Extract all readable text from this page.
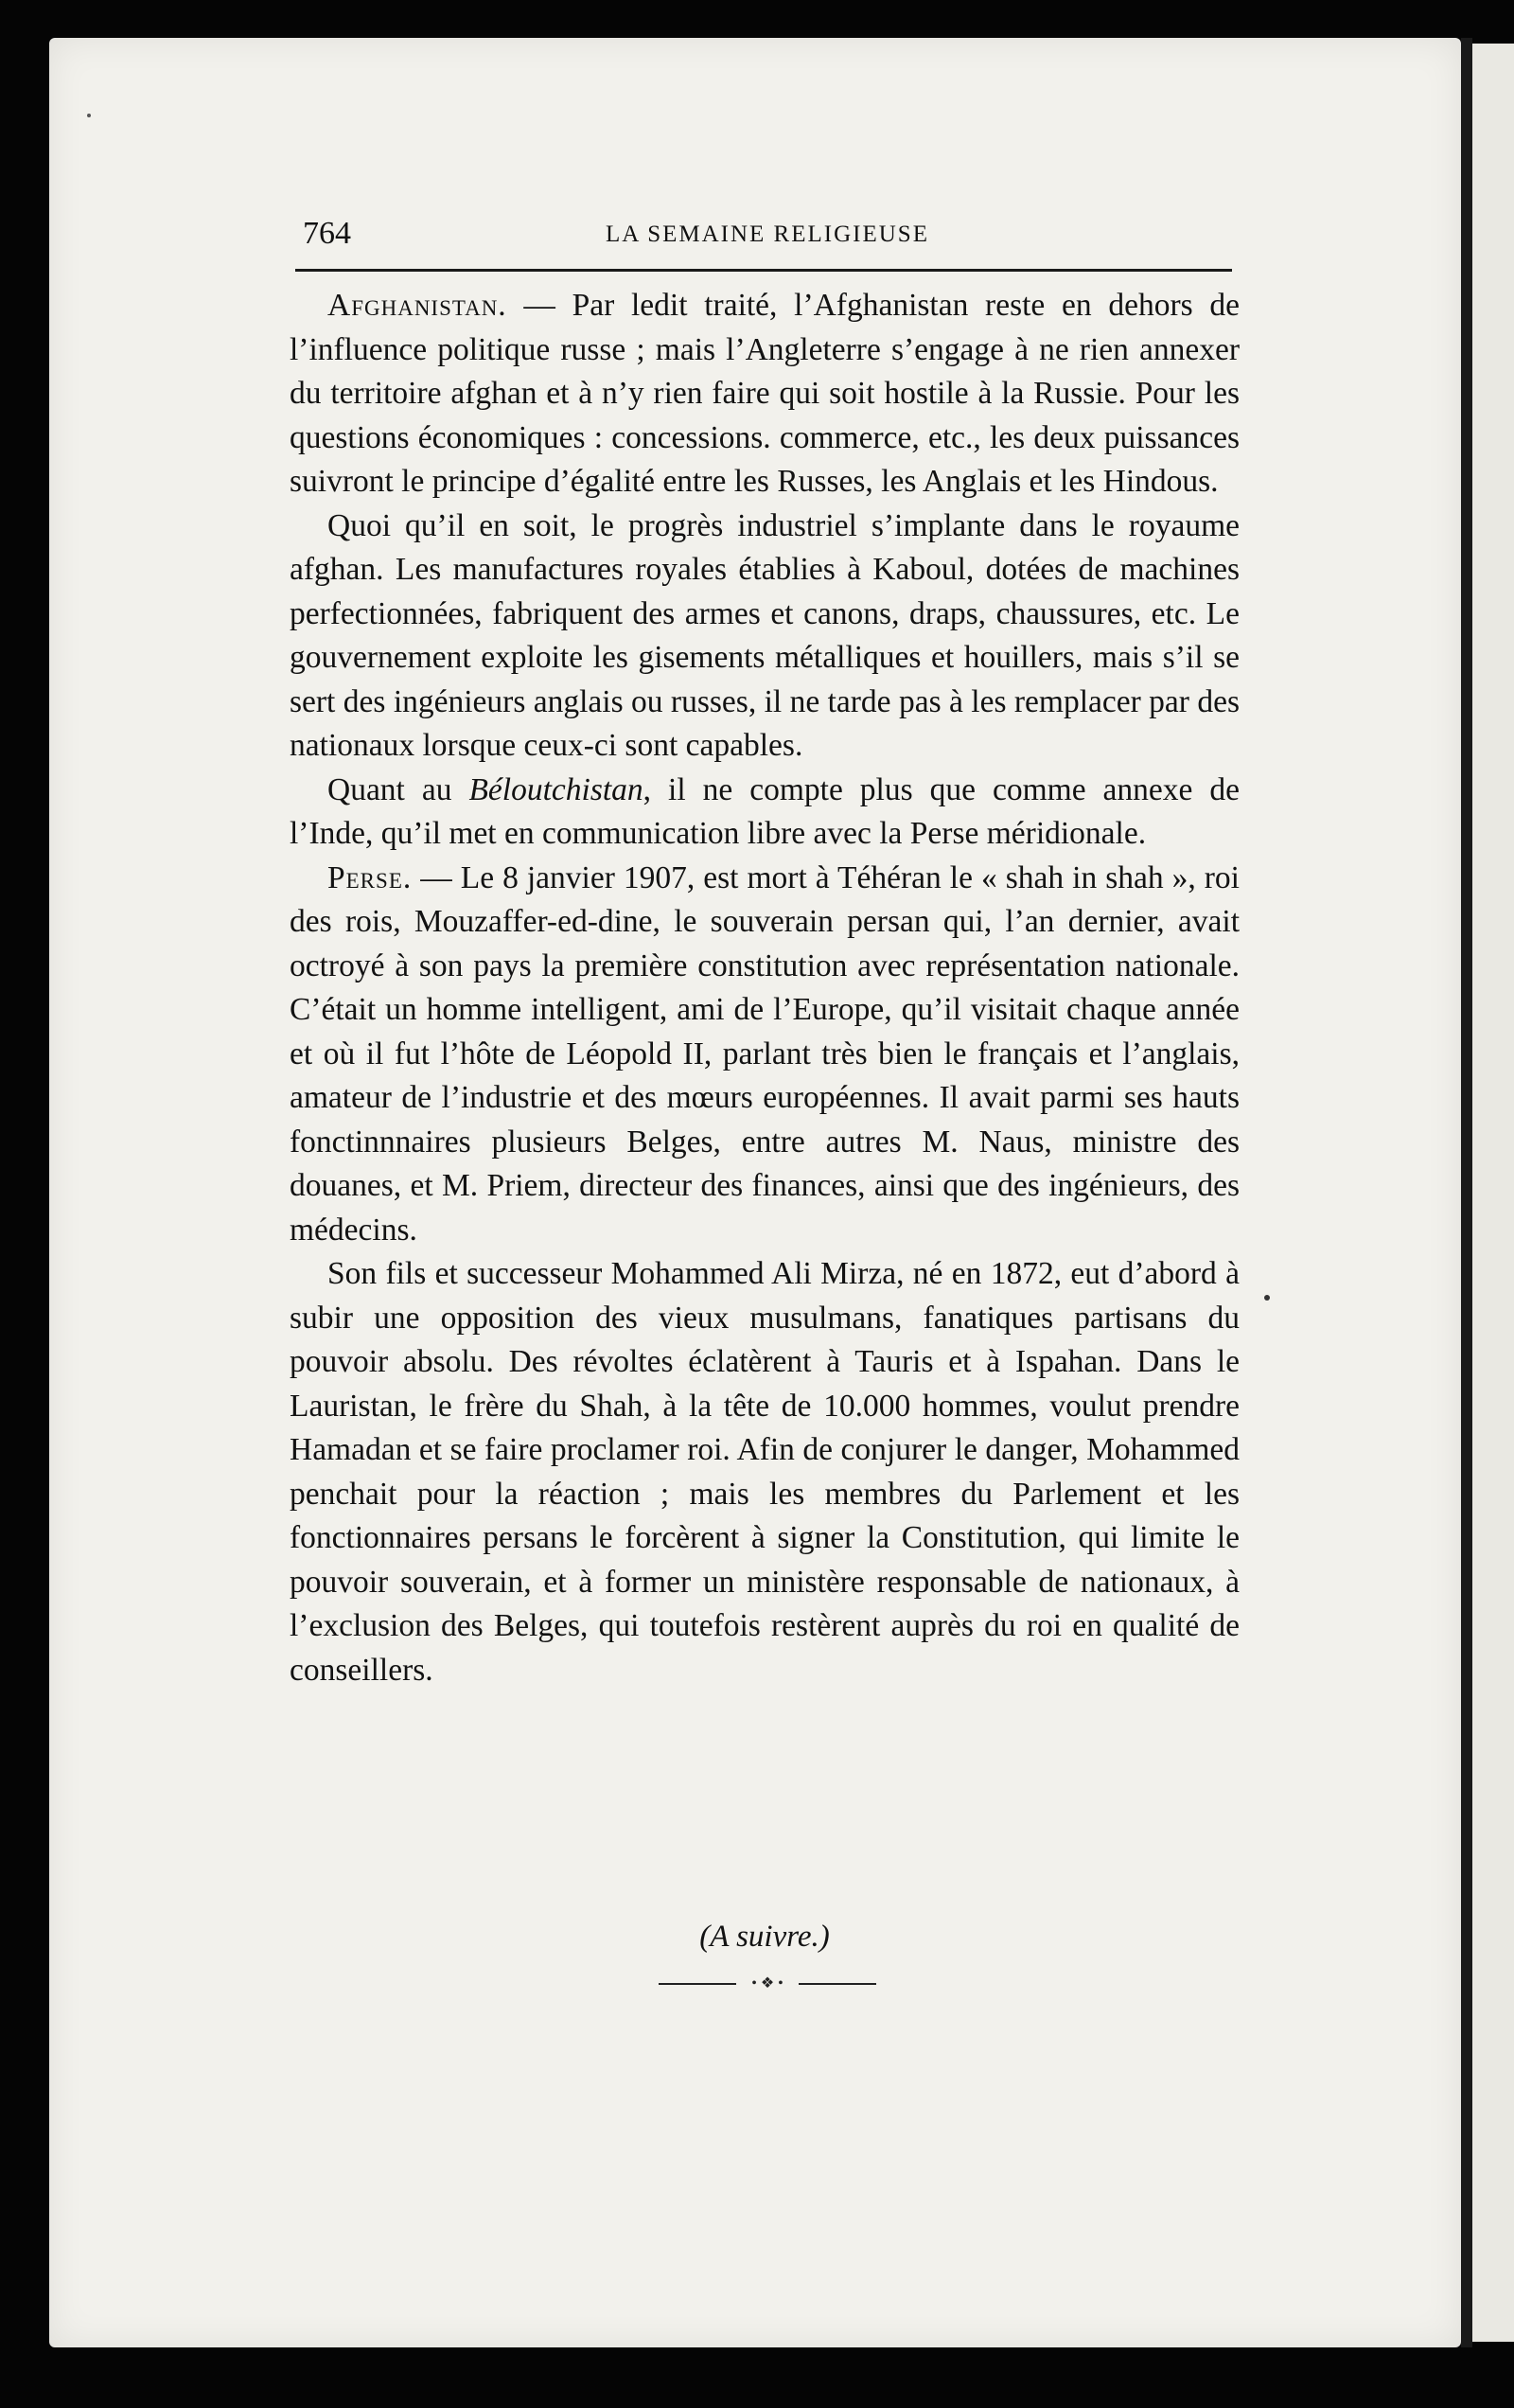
764	LA SEMAINE RELIGIEUSE

Afghanistan. — Par ledit traité, l’Afghanistan reste en dehors de l’influence politique russe ; mais l’Angleterre s’engage à ne rien annexer du territoire afghan et à n’y rien faire qui soit hostile à la Russie. Pour les questions économiques : concessions. commerce, etc., les deux puissances suivront le principe d’égalité entre les Russes, les Anglais et les Hindous.

Quoi qu’il en soit, le progrès industriel s’implante dans le royaume afghan. Les manufactures royales établies à Kaboul, dotées de machines perfectionnées, fabriquent des armes et canons, draps, chaussures, etc. Le gouvernement exploite les gisements métalliques et houillers, mais s’il se sert des ingénieurs anglais ou russes, il ne tarde pas à les remplacer par des nationaux lorsque ceux-ci sont capables.

Quant au Béloutchistan, il ne compte plus que comme annexe de l’Inde, qu’il met en communication libre avec la Perse méridionale.

Perse. — Le 8 janvier 1907, est mort à Téhéran le « shah in shah », roi des rois, Mouzaffer-ed-dine, le souverain persan qui, l’an dernier, avait octroyé à son pays la première constitution avec représentation nationale. C’était un homme intelligent, ami de l’Europe, qu’il visitait chaque année et où il fut l’hôte de Léopold II, parlant très bien le français et l’anglais, amateur de l’industrie et des mœurs européennes. Il avait parmi ses hauts fonctinnnaires plusieurs Belges, entre autres M. Naus, ministre des douanes, et M. Priem, directeur des finances, ainsi que des ingénieurs, des médecins.

Son fils et successeur Mohammed Ali Mirza, né en 1872, eut d’abord à subir une opposition des vieux musulmans, fanatiques partisans du pouvoir absolu. Des révoltes éclatèrent à Tauris et à Ispahan. Dans le Lauristan, le frère du Shah, à la tête de 10.000 hommes, voulut prendre Hamadan et se faire proclamer roi. Afin de conjurer le danger, Mohammed penchait pour la réaction ; mais les membres du Parlement et les fonctionnaires persans le forcèrent à signer la Constitution, qui limite le pouvoir souverain, et à former un ministère responsable de nationaux, à l’exclusion des Belges, qui toutefois restèrent auprès du roi en qualité de conseillers.

(A suivre.)
• ❖ •
